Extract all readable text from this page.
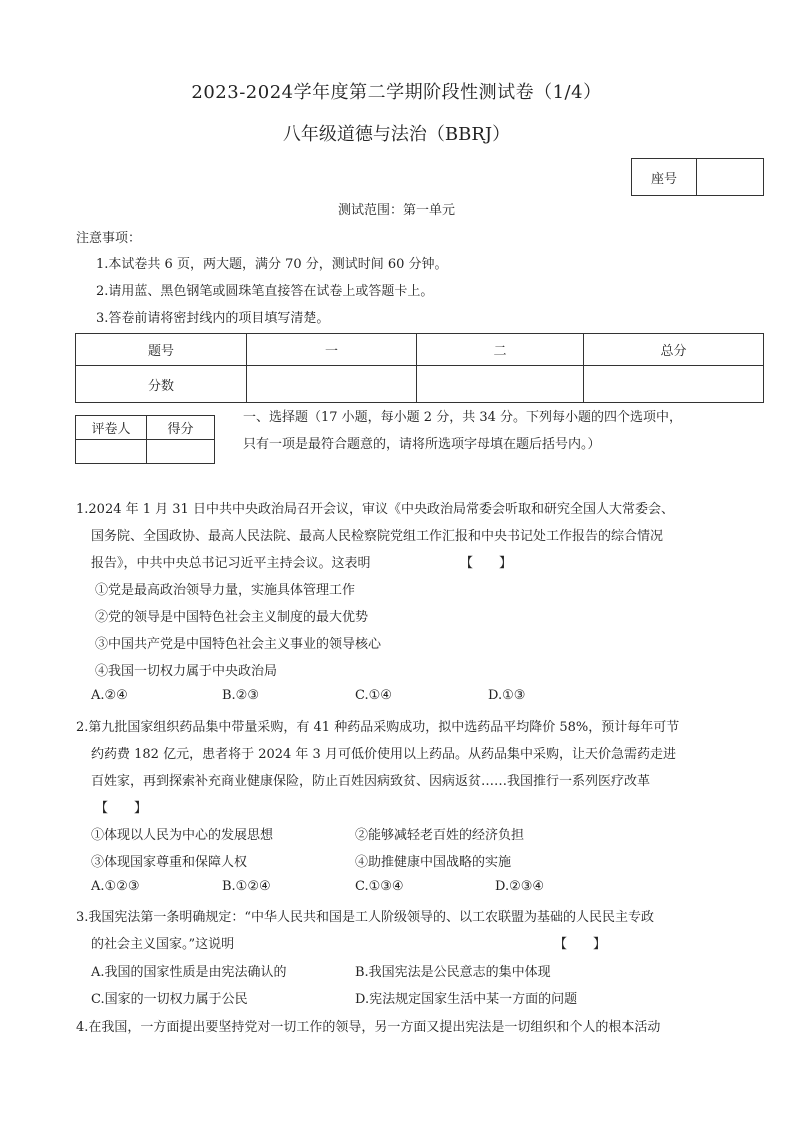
2023-2024学年度第二学期阶段性测试卷（1/4）
八年级道德与法治（BBRJ）
座号	
测试范围：第一单元
注意事项：
1.本试卷共 6 页，两大题，满分 70 分，测试时间 60 分钟。
2.请用蓝、黑色钢笔或圆珠笔直接答在试卷上或答题卡上。
3.答卷前请将密封线内的项目填写清楚。
题号	一	二	总分
分数			
评卷人	得分

一、选择题（17 小题，每小题 2 分，共 34 分。下列每小题的四个选项中，
只有一项是最符合题意的，请将所选项字母填在题后括号内。）
1.2024 年 1 月 31 日中共中央政治局召开会议，审议《中央政治局常委会听取和研究全国人大常委会、
国务院、全国政协、最高人民法院、最高人民检察院党组工作汇报和中央书记处工作报告的综合情况
报告》，中共中央总书记习近平主持会议。这表明	【　　】
①党是最高政治领导力量，实施具体管理工作
②党的领导是中国特色社会主义制度的最大优势
③中国共产党是中国特色社会主义事业的领导核心
④我国一切权力属于中央政治局
A.②④	B.②③	C.①④	D.①③
2.第九批国家组织药品集中带量采购，有 41 种药品采购成功，拟中选药品平均降价 58%，预计每年可节
约药费 182 亿元，患者将于 2024 年 3 月可低价使用以上药品。从药品集中采购，让天价急需药走进
百姓家，再到探索补充商业健康保险，防止百姓因病致贫、因病返贫……我国推行一系列医疗改革
【　　】
①体现以人民为中心的发展思想	②能够减轻老百姓的经济负担
③体现国家尊重和保障人权	④助推健康中国战略的实施
A.①②③	B.①②④	C.①③④	D.②③④
3.我国宪法第一条明确规定：“中华人民共和国是工人阶级领导的、以工农联盟为基础的人民民主专政
的社会主义国家。”这说明	【　　】
A.我国的国家性质是由宪法确认的	B.我国宪法是公民意志的集中体现
C.国家的一切权力属于公民	D.宪法规定国家生活中某一方面的问题
4.在我国，一方面提出要坚持党对一切工作的领导，另一方面又提出宪法是一切组织和个人的根本活动
